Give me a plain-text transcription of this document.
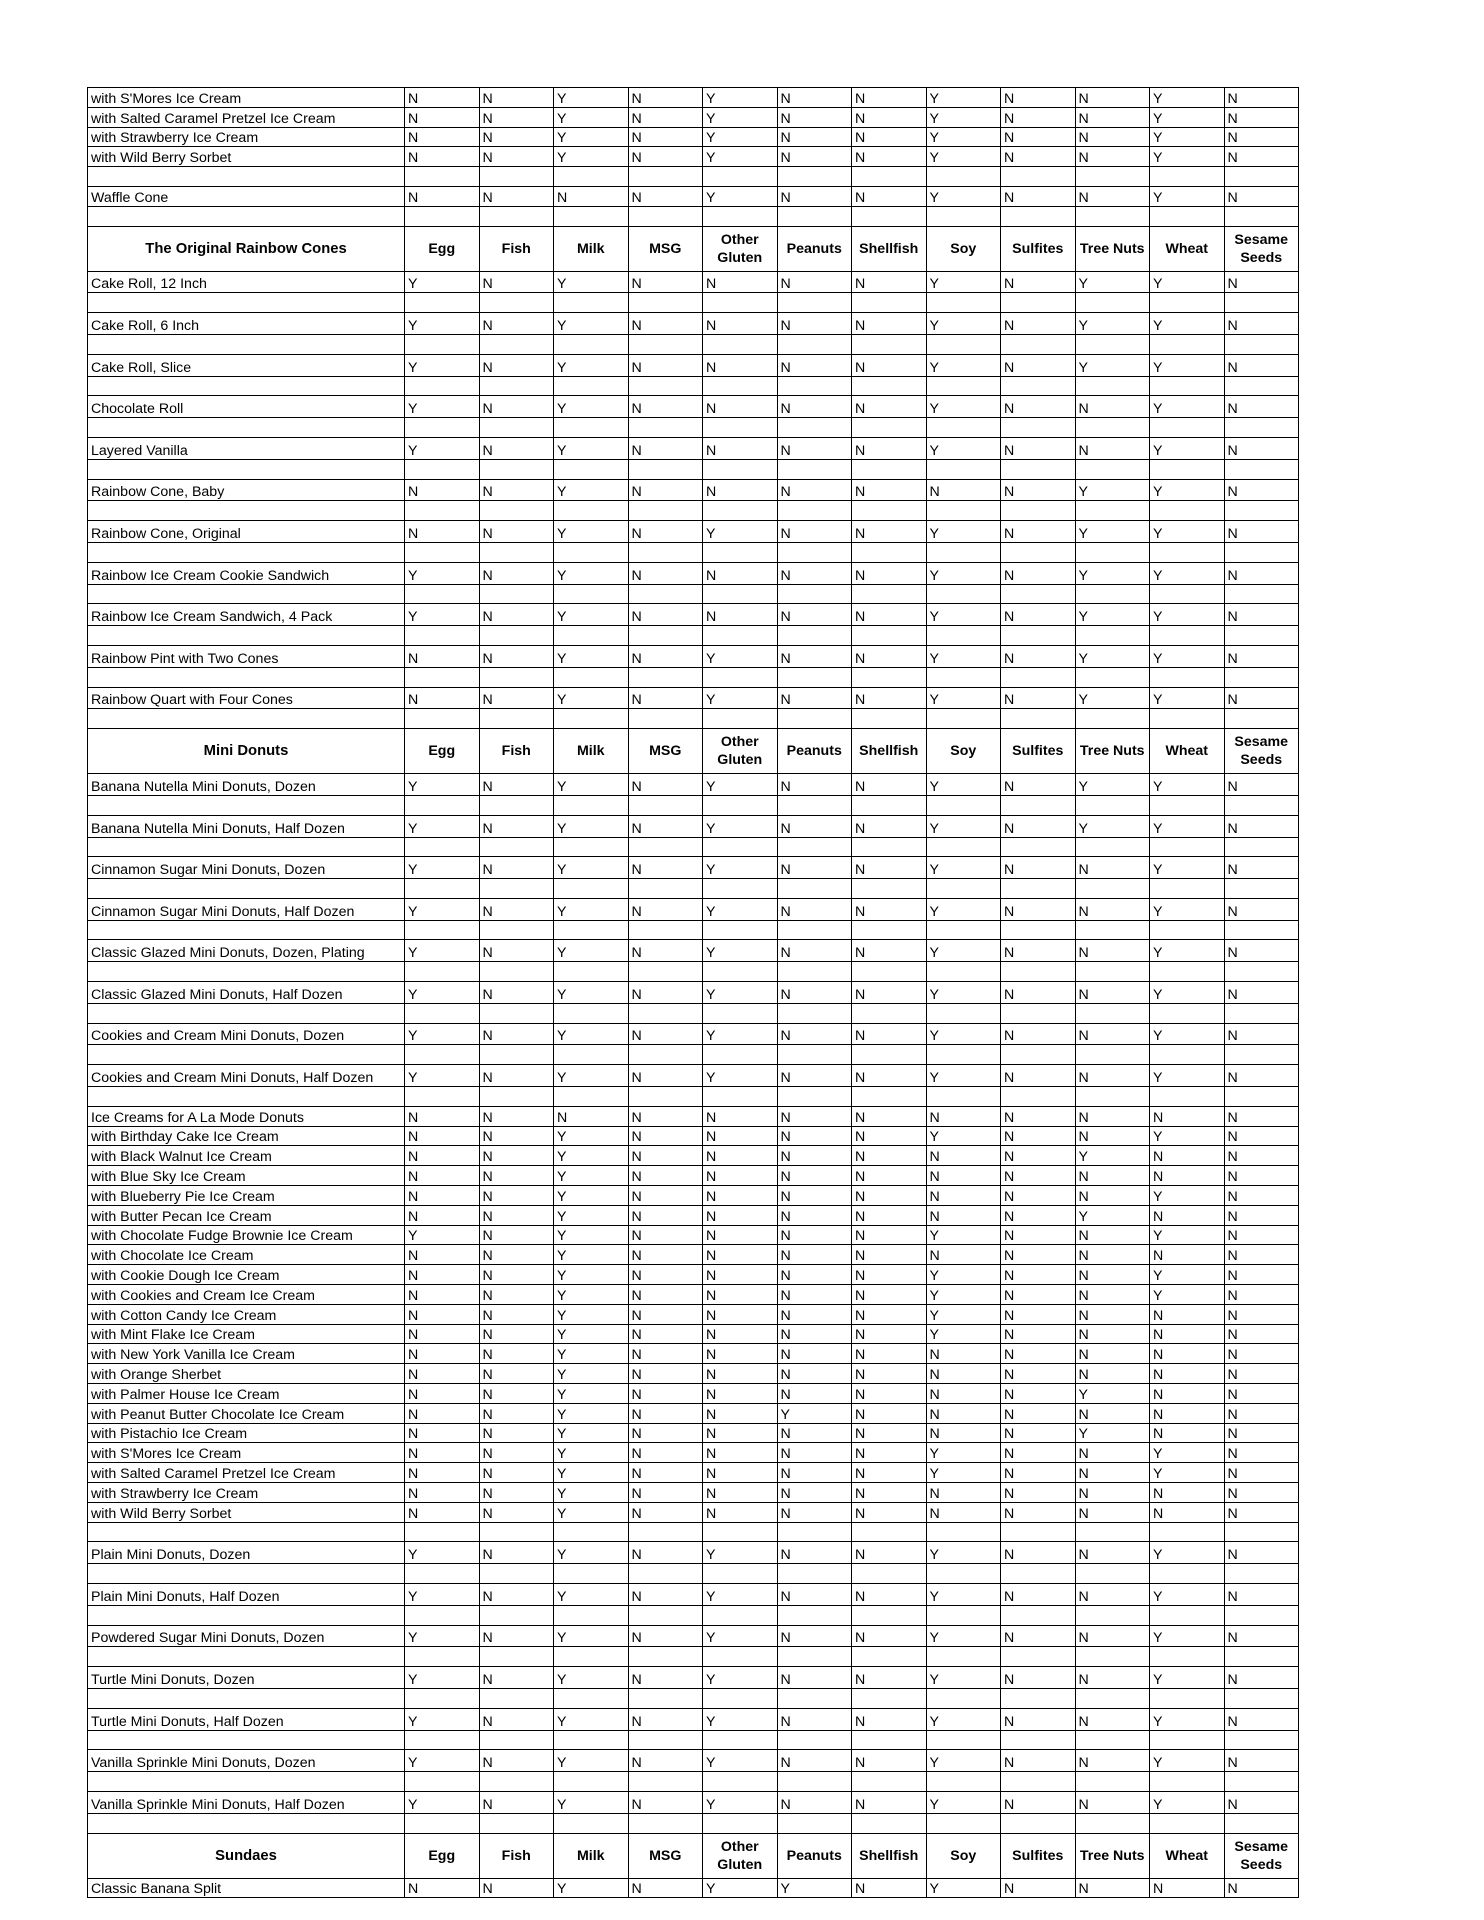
with S'Mores Ice Cream	N	N	Y	N	Y	N	N	Y	N	N	Y	N
with Salted Caramel Pretzel Ice Cream	N	N	Y	N	Y	N	N	Y	N	N	Y	N
with Strawberry Ice Cream	N	N	Y	N	Y	N	N	Y	N	N	Y	N
with Wild Berry Sorbet	N	N	Y	N	Y	N	N	Y	N	N	Y	N

Waffle Cone	N	N	N	N	Y	N	N	Y	N	N	Y	N

The Original Rainbow Cones	Egg	Fish	Milk	MSG	Other Gluten	Peanuts	Shellfish	Soy	Sulfites	Tree Nuts	Wheat	Sesame Seeds
Cake Roll, 12 Inch	Y	N	Y	N	N	N	N	Y	N	Y	Y	N

Cake Roll, 6 Inch	Y	N	Y	N	N	N	N	Y	N	Y	Y	N

Cake Roll, Slice	Y	N	Y	N	N	N	N	Y	N	Y	Y	N

Chocolate Roll	Y	N	Y	N	N	N	N	Y	N	N	Y	N

Layered Vanilla	Y	N	Y	N	N	N	N	Y	N	N	Y	N

Rainbow Cone, Baby	N	N	Y	N	N	N	N	N	N	Y	Y	N

Rainbow Cone, Original	N	N	Y	N	Y	N	N	Y	N	Y	Y	N

Rainbow Ice Cream Cookie Sandwich	Y	N	Y	N	N	N	N	Y	N	Y	Y	N

Rainbow Ice Cream Sandwich, 4 Pack	Y	N	Y	N	N	N	N	Y	N	Y	Y	N

Rainbow Pint with Two Cones	N	N	Y	N	Y	N	N	Y	N	Y	Y	N

Rainbow Quart with Four Cones	N	N	Y	N	Y	N	N	Y	N	Y	Y	N

Mini Donuts	Egg	Fish	Milk	MSG	Other Gluten	Peanuts	Shellfish	Soy	Sulfites	Tree Nuts	Wheat	Sesame Seeds
Banana Nutella Mini Donuts, Dozen	Y	N	Y	N	Y	N	N	Y	N	Y	Y	N

Banana Nutella Mini Donuts, Half Dozen	Y	N	Y	N	Y	N	N	Y	N	Y	Y	N

Cinnamon Sugar Mini Donuts, Dozen	Y	N	Y	N	Y	N	N	Y	N	N	Y	N

Cinnamon Sugar Mini Donuts, Half Dozen	Y	N	Y	N	Y	N	N	Y	N	N	Y	N

Classic Glazed Mini Donuts, Dozen, Plating	Y	N	Y	N	Y	N	N	Y	N	N	Y	N

Classic Glazed Mini Donuts, Half Dozen	Y	N	Y	N	Y	N	N	Y	N	N	Y	N

Cookies and Cream Mini Donuts, Dozen	Y	N	Y	N	Y	N	N	Y	N	N	Y	N

Cookies and Cream Mini Donuts, Half Dozen	Y	N	Y	N	Y	N	N	Y	N	N	Y	N

Ice Creams for A La Mode Donuts	N	N	N	N	N	N	N	N	N	N	N	N
with Birthday Cake Ice Cream	N	N	Y	N	N	N	N	Y	N	N	Y	N
with Black Walnut Ice Cream	N	N	Y	N	N	N	N	N	N	Y	N	N
with Blue Sky Ice Cream	N	N	Y	N	N	N	N	N	N	N	N	N
with Blueberry Pie Ice Cream	N	N	Y	N	N	N	N	N	N	N	Y	N
with Butter Pecan Ice Cream	N	N	Y	N	N	N	N	N	N	Y	N	N
with Chocolate Fudge Brownie Ice Cream	Y	N	Y	N	N	N	N	Y	N	N	Y	N
with Chocolate Ice Cream	N	N	Y	N	N	N	N	N	N	N	N	N
with Cookie Dough Ice Cream	N	N	Y	N	N	N	N	Y	N	N	Y	N
with Cookies and Cream Ice Cream	N	N	Y	N	N	N	N	Y	N	N	Y	N
with Cotton Candy Ice Cream	N	N	Y	N	N	N	N	Y	N	N	N	N
with Mint Flake Ice Cream	N	N	Y	N	N	N	N	Y	N	N	N	N
with New York Vanilla Ice Cream	N	N	Y	N	N	N	N	N	N	N	N	N
with Orange Sherbet	N	N	Y	N	N	N	N	N	N	N	N	N
with Palmer House Ice Cream	N	N	Y	N	N	N	N	N	N	Y	N	N
with Peanut Butter Chocolate Ice Cream	N	N	Y	N	N	Y	N	N	N	N	N	N
with Pistachio Ice Cream	N	N	Y	N	N	N	N	N	N	Y	N	N
with S'Mores Ice Cream	N	N	Y	N	N	N	N	Y	N	N	Y	N
with Salted Caramel Pretzel Ice Cream	N	N	Y	N	N	N	N	Y	N	N	Y	N
with Strawberry Ice Cream	N	N	Y	N	N	N	N	N	N	N	N	N
with Wild Berry Sorbet	N	N	Y	N	N	N	N	N	N	N	N	N

Plain Mini Donuts, Dozen	Y	N	Y	N	Y	N	N	Y	N	N	Y	N

Plain Mini Donuts, Half Dozen	Y	N	Y	N	Y	N	N	Y	N	N	Y	N

Powdered Sugar Mini Donuts, Dozen	Y	N	Y	N	Y	N	N	Y	N	N	Y	N

Turtle Mini Donuts, Dozen	Y	N	Y	N	Y	N	N	Y	N	N	Y	N

Turtle Mini Donuts, Half Dozen	Y	N	Y	N	Y	N	N	Y	N	N	Y	N

Vanilla Sprinkle Mini Donuts, Dozen	Y	N	Y	N	Y	N	N	Y	N	N	Y	N

Vanilla Sprinkle Mini Donuts, Half Dozen	Y	N	Y	N	Y	N	N	Y	N	N	Y	N

Sundaes	Egg	Fish	Milk	MSG	Other Gluten	Peanuts	Shellfish	Soy	Sulfites	Tree Nuts	Wheat	Sesame Seeds
Classic Banana Split	N	N	Y	N	Y	Y	N	Y	N	N	N	N
